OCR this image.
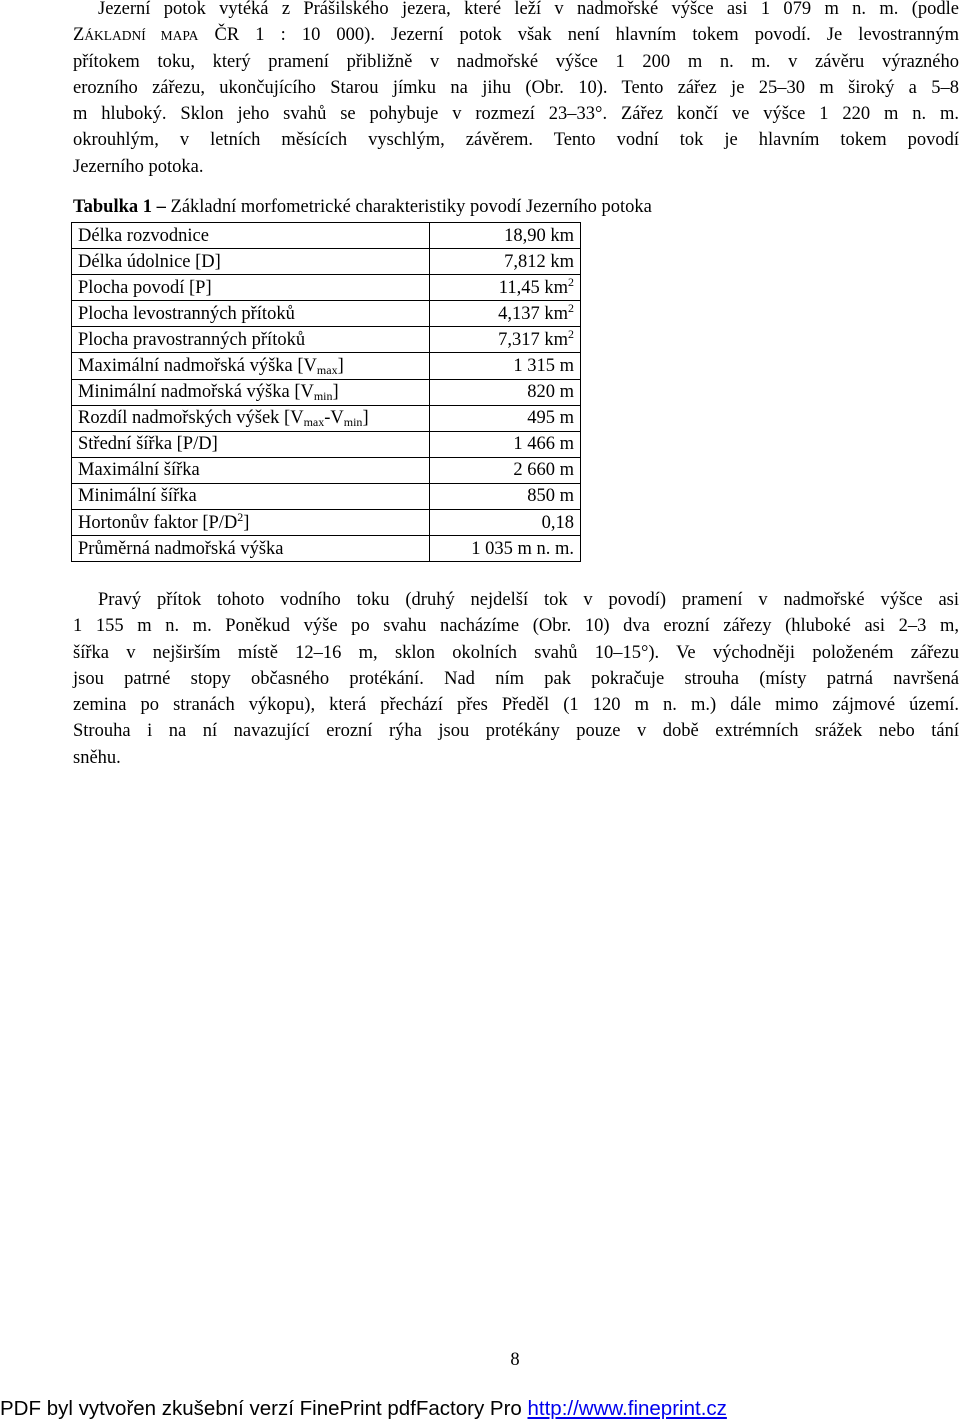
Jezerní potok vytéká z Prášilského jezera, které leží v nadmořské výšce asi 1 079 m n. m. (podle
ZÁKLADNÍ MAPA ČR 1 : 10 000). Jezerní potok však není hlavním tokem povodí. Je levostranným
přítokem toku, který pramení přibližně v nadmořské výšce 1 200 m n. m. v závěru výrazného
erozního zářezu, ukončujícího Starou jímku na jihu (Obr. 10). Tento zářez je 25–30 m široký a 5–8
m hluboký. Sklon jeho svahů se pohybuje v rozmezí 23–33°. Zářez končí ve výšce 1 220 m n. m.
okrouhlým, v letních měsících vyschlým, závěrem. Tento vodní tok je hlavním tokem povodí
Jezerního potoka.
Tabulka 1 – Základní morfometrické charakteristiky povodí Jezerního potoka
Délka rozvodnice	18,90 km
Délka údolnice [D]	7,812 km
Plocha povodí [P]	11,45 $km^2$
Plocha levostranných přítoků	4,137 $km^2$
Plocha pravostranných přítoků	7,317 $km^2$
Maximální nadmořská výška $[V_{max}]$	1 315 m
Minimální nadmořská výška $[V_{min}]$	820 m
Rozdíl nadmořských výšek $[V_{max}-V_{min}]$	495 m
Střední šířka [P/D]	1 466 m
Maximální šířka	2 660 m
Minimální šířka	850 m
Hortonův faktor $[P/D^2]$	0,18
Průměrná nadmořská výška	1 035 m n. m.
Pravý přítok tohoto vodního toku (druhý nejdelší tok v povodí) pramení v nadmořské výšce asi
1 155 m n. m. Poněkud výše po svahu nacházíme (Obr. 10) dva erozní zářezy (hluboké asi 2–3 m,
šířka v nejširším místě 12–16 m, sklon okolních svahů 10–15°). Ve východněji položeném zářezu
jsou patrné stopy občasného protékání. Nad ním pak pokračuje strouha (místy patrná navršená
zemina po stranách výkopu), která přechází přes Předěl (1 120 m n. m.) dále mimo zájmové území.
Strouha i na ní navazující erozní rýha jsou protékány pouze v době extrémních srážek nebo tání
sněhu.
8
PDF byl vytvořen zkušební verzí FinePrint pdfFactory Pro http://www.fineprint.cz
